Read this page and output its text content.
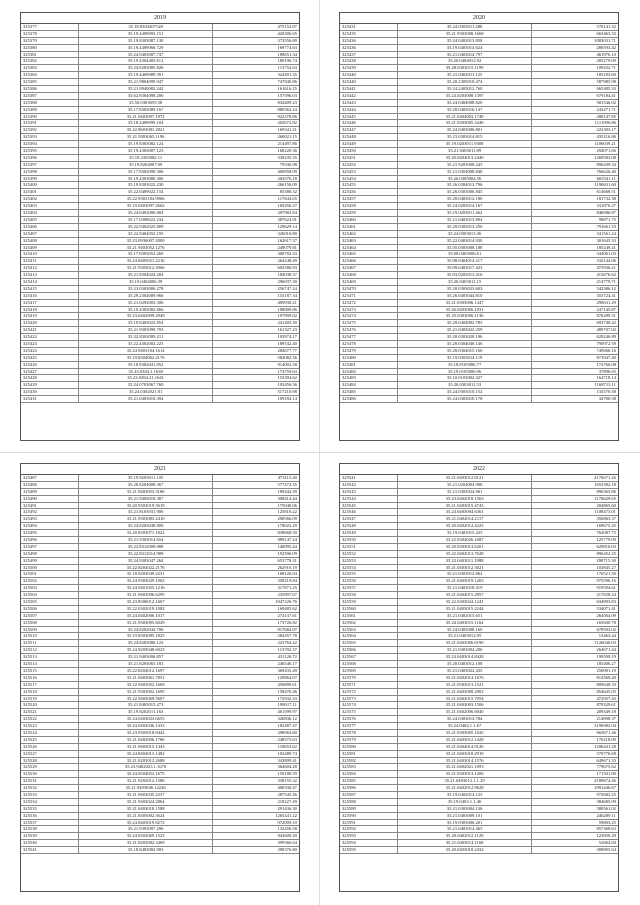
2019
325377	35.18.8303407128	475152.87
325378	35.19.4409093.151	420306.65
325379	35.19.8303087.130	373556.89
325380	35.19.4409066.729	169774.63
325381	35.24.9403087.747	188651.34
325382	35.19.4304405.612	180196.74
325383	35.24.8203085.826	113752.63
325384	35.19.4409089.391	324491.35
325385	35.21.9804099.947	747840.86
325386	35.21.0940082.242	161616.25
325387	35.62.8304098.206	157596.03
325388	35.50.0303059.58	834409.23
325389	35.17.8302089.167	880562.24
325390	35.21.9403097.1972	922378.86
325391	35.18.4409099.104	203672.82
325392	35.22.8603081.2821	169341.21
325393	35.21.9303065.1196	260021.15
325394	35.19.8303082.124	214497.86
325395	35.19.4303087.123	168220.36
325396	35.19.2303082.11	338235.35
325397	35.19.8204007.09	79336.98
325398	35.17.8302098.306	400858.09
325399	35.19.4303080.306	204576.18
325400	35.19.8303022.230	266156.09
325401	35.22.0409022.154	85386.32
325402	35.22.9303184.9966	117644.65
325403	35.19.0403097.2662	169456.27
325404	35.24.0402006.804	297982.84
325405	35.17.0308022.234	387624.91
325406	35.22.9402025.809	129629.14
325407	35.22.9404052.195	326010.80
325408	35.23.0930007.2000	162617.37
325409	35.21.9403052.1276	249079.81
325410	35.17.8303052.269	308702.33
325411	35.24.8405021.2216	264248.49
325412	35.21.9303012.3966	602586.93
325413	35.21.8304024.284	184038.37
325414	35.19.0404006.39	296037.30
325415	35.23.0303006.278	256747.24
325416	35.29.2304009.966	153187.34
325417	35.21.0292003.306	409930.21
325418	35.19.4302082.866	188009.86
325419	35.23.0402699.2949	197899.02
325420	35.19.8403022.854	241403.30
325421	35.21.9303099.703	161327.23
325422	35.22.8302089.211	103974.17
325423	35.22.4302002.225	189542.40
325424	35.24.9403104.1614	284677.77
325425	35.19.8304062.2176	584082.56
325426	35.18.8302041.852	914002.58
325427	35.23.0304.1.1638	174759.63
325428	35.23.0294.21.1641	153394.62
325429	35.24.0703067.760	193456.56
325430	35.24.0302021.81	517210.98
325431	35.21.0403010.394	109184.14
2020
325431	35.24.0303011.480	570141.32
325435	35.21.9303008.1668	663463.33
325436	35.24.0402013.858	1083031.71
325436	35.19.0403014.624	280593.42
325437	35.21.0403014.797	461976.10
325438	35.20.0404012.92	283279.09
325439	35.28.0303015.1199	109432.71
325440	35.21.0402011.125	183193.60
325440	35.20.2305010.474	587985.98
325441	35.24.2405012.760	665485.33
325442	35.24.0203008.1397	679184.41
325443	35.24.0404008.820	581546.02
325444	35.28.0403016.147	243471.71
325445	35.21.0404003.1748	288147.85
325446	35.21.0303005.3448	1111096.86
325447	35.24.0403006.801	222393.17
325448	35.23.0303014.815	435216.86
325449	35.19.0203011.9308	1106039.21
325450	35.21.9403011.89	294071.66
325451	35.20.0404013.2440	1269583.08
325452	35.21.9203008.245	896209.34
325453	35.21.0304008.848	766626.40
325454	35.26.0305004.56	665541.11
325455	35.26.0304013.796	1190631.60
325456	35.26.0303006.845	614668.51
325457	35.20.0403012.180	181732.38
325458	35.24.0203014.167	331876.27
325459	35.19.0203011.462	846086.87
325460	35.21.0403013.804	98871.75
325461	35.29.0303013.250	791661.53
325462	35.24.0303013.36	341561.24
325463	35.22.0403014.930	301645.33
325464	35.05.0303008.188	185249.41
325465	35.08.0403006.61	344061.03
325466	35.08.0404014.217	332144.06
325467	35.09.0403017.423	475936.21
325468	35.03.0203013.416	413676.62
325469	35.20.0403011.15	214779.71
325470	35.20.0303023.603	542386.12
325471	35.26.0403044.810	355724.31
325472	35.21.0303006.1447	298631.29
325473	35.26.0403006.1031	247145.87
325474	35.25.0303006.1136	876289.51
325475	35.29.0404002.785	693740.42
325476	35.21.0403022.259	489707.02
325477	35.20.0303020.196	629246.89
325478	35.20.0304040.146	790972.59
325479	35.20.0304015.166	749666.16
325480	35.19.0303014.119	873947.40
325481	35.18.8105086.77	174766.08
325482	35.19.0105006.96	37896.65
325483	35.10.0103002.327	164718.14
325484	35.20.0303011.53	1168713.11
325485	35.24.0303010.152	133576.58
325486	35.24.0303010.178	34700.58
2021
325487	35.19.8203011.105	473115.40
325488	35.28.8204008.367	577472.35
325489	35.21.9403053.3186	189442.39
325490	35.21.9403018.387	308414.44
325491	35.20.9303019.5619	175040.06
325492	35.21.8103031.906	125816.22
325493	35.21.9303083.2410	298566.09
325494	35.24.8203048.809	178022.29
325495	35.20.8303071.1822	838668.50
325496	35.21.9303014.654	989147.24
325497	35.22.8312008.988	140095.44
325498	35.22.8312014.989	192596.09
325499	35.24.9303047.264	653778.31
325500	35.22.8204022.2176	262916.19
325501	35.18.9403049.2231	168126.04
325502	35.24.9303029.1002	358219.84
325503	35.24.9401025.1216	317871.25
325504	35.21.9403096.6295	235897.67
325505	35.23.8306012.1667	1047226.76
325506	35.22.0302019.1082	169485.62
325507	35.24.0402006.1017	274137.61
325508	35.21.9303095.6029	173726.82
325509	35.24.8202044.706	817684.87
325510	35.19.8303085.1825	284457.78
325511	35.24.8203086.122	223764.42
325512	35.24.9203048.6023	113702.37
325513	35.21.9403006.857	431126.72
325514	35.21.8203065.183	246546.17
325515	35.22.8204012.1697	369433.49
325516	35.21.9403061.7851	129864.67
325517	35.22.9403052.1669	456899.61
325518	35.21.9303002.1695	158476.46
325519	35.22.9403069.5607	172932.33
325520	35.21.8403015.473	198017.11
325521	35.19.8202011.163	461599.97
325522	35.24.0403023.6655	326836.12
325523	35.24.0402046.1433	182487.47
325524	35.23.9303018.8442	298063.60
325525	35.21.0402006.1786	248575.63
325526	35.21.9403015.1443	118653.62
325527	35.24.8404013.1482	102489.74
325528	35.21.0203012.2688	343899.41
325529	35.23.9402023.1.1670	364604.28
325530	35.24.0504052.1675	150188.59
325531	35.21.9202012.1586	338155.32
325532	35.21.9403046.12226	406330.47
325533	35.21.9403035.2237	287545.46
325534	35.21.9403024.2864	218227.49
325535	35.21.0403018.1588	291436.30
325536	35.21.8405002.3624	1265441.22
325537	35.24.8403019.8272	972009.10
325538	35.21.9303097.296	132456.58
325539	35.24.8302069.1523	943600.20
325540	35.21.8403082.3469	399366.64
325541	35.18.8403082.903	298376.80
2022
325541	35.21.0403012.8121	4176671.26
325542	35.21.0204004.908	1653382.18
325543	35.21.0303024.961	896363.86
325544	35.23.0402018.1563	1176629.65
325545	35.21.0403015.4743	204865.60
325546	35.24.0403004.6361	1108473.01
325547	35.21.0402014.2117	356863.37
325548	35.20.0402012.4223	169675.45
325549	35.19.0403015.425	762087.75
325550	35.22.0304026.1687	125779.09
325551	35.20.0303014.6201	629816.03
325552	35.22.0402013.7628	896452.25
325553	35.22.0403011.1988	298715.30
325554	35.21.0403012.3021	103845.27
325555	35.21.0303012.862	176521.50
325556	35.21.0403019.1263	975596.16
325557	35.21.0403018.419	919594.61
325558	35.21.0404015.2957	217658.24
325559	35.22.0303024.1241	634993.83
325560	35.21.0403015.2244	534071.41
325561	35.21.0402015.651	264564.09
325562	35.24.0403015.1164	165600.78
325563	35.24.0403008.160	678593.02
325564	35.21.0403012.95	13463.44
325565	35.21.0403006.6190	1126046.03
325566	35.21.0303004.206	264671.44
325567	35.24.0403014.8428	199599.19
325568	35.20.0403012.108	185406.27
325569	35.21.0403022.435	256901.19
325570	35.21.0402014.1676	814569.40
325571	35.21.0503013.1521	809648.33
325572	35.21.0403008.2002	854645.05
325573	35.21.0402015.7054	472957.43
325574	35.21.0403003.1506	879329.61
325575	35.21.0402006.6040	209349.18
325576	35.24.0303014.784	214898.37
325577	35.24.0404.1.1.67	3196982.04
325578	35.21.0303005.1020	663671.46
325579	35.21.0403012.1428	176218.09
325580	35.21.0404014.9126	1206441.28
325581	35.21.0403018.2919	570776.68
325582	35.21.0403014.1576	649671.33
325583	35.21.0402021.1093	779675.62
325584	35.21.0303013.1206	171501.80
325585	35.21.0403012.1.1.29	2189674.46
325586	35.21.0402012.9628	1091446.67
325587	35.19.0402014.125	972682.25
325588	35.19.0403.1.1.46	384685.09
325589	35.21.0303004.136	580561.02
325590	35.21.0403009.101	246209.11
325591	35.19.0303006.201	59803.25
325592	35.21.0403014.465	857368.63
325593	35.20.0402012.1129	123850.29
325594	35.21.0403014.1168	52664.84
325595	35.20.0403018.2432	308895.64
